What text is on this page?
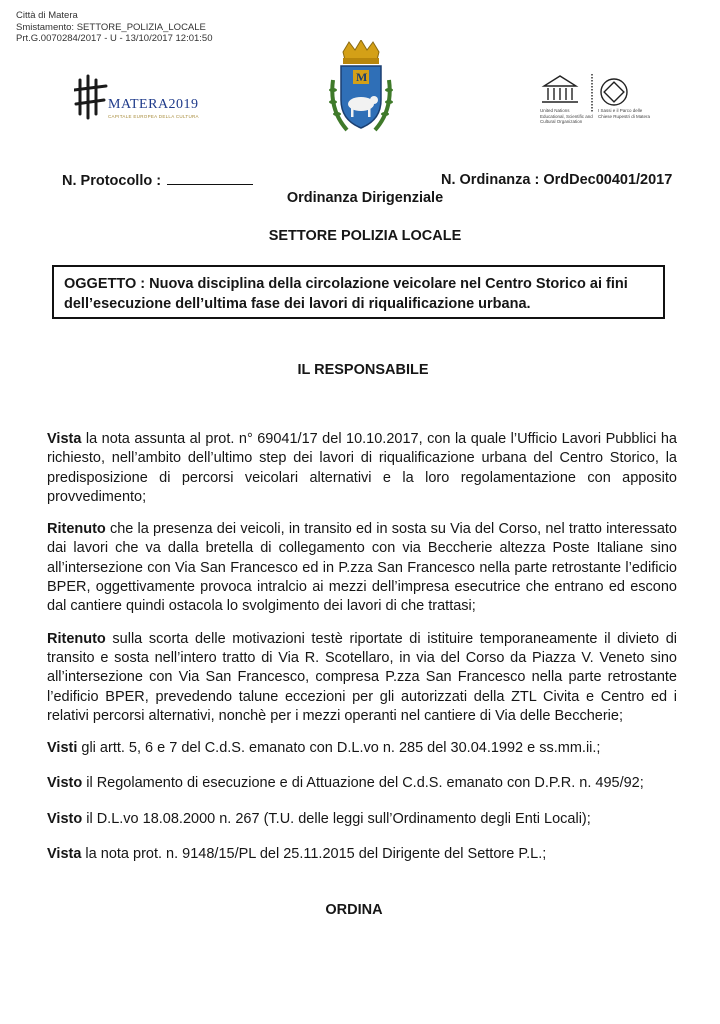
Città di Matera
Smistamento: SETTORE_POLIZIA_LOCALE
Prt.G.0070284/2017 - U - 13/10/2017 12:01:50
MATERA2019
CAPITALE EUROPEA DELLA CULTURA
M
United Nations
Educational, Scientific and
Cultural Organization
I Sassi e il Parco delle
Chiese Rupestri di Matera
N. Protocollo :	N. Ordinanza : OrdDec00401/2017
Ordinanza Dirigenziale
SETTORE POLIZIA LOCALE
OGGETTO : Nuova disciplina della circolazione veicolare nel Centro Storico ai fini dell’esecuzione dell’ultima fase dei lavori di riqualificazione urbana.
IL RESPONSABILE

Vista la nota assunta al prot. n° 69041/17 del 10.10.2017, con la quale l’Ufficio Lavori Pubblici ha richiesto, nell’ambito dell’ultimo step dei lavori di riqualificazione urbana del Centro Storico, la predisposizione di percorsi veicolari alternativi e la loro regolamentazione con apposito provvedimento;

Ritenuto che la presenza dei veicoli, in transito ed in sosta su Via del Corso, nel tratto interessato dai lavori che va dalla bretella di collegamento con via Beccherie altezza Poste Italiane sino all’intersezione con Via San Francesco ed in P.zza San Francesco nella parte retrostante l’edificio BPER, oggettivamente provoca intralcio ai mezzi dell’impresa esecutrice che entrano ed escono dal cantiere quindi ostacola lo svolgimento dei lavori di che trattasi;

Ritenuto sulla scorta delle motivazioni testè riportate di istituire temporaneamente il divieto di transito e sosta nell’intero tratto di Via R. Scotellaro, in via del Corso da Piazza V. Veneto sino all’intersezione con Via San Francesco, compresa P.zza San Francesco nella parte retrostante l’edificio BPER, prevedendo talune eccezioni per gli autorizzati della ZTL Civita e Centro ed i relativi percorsi alternativi, nonchè per i mezzi operanti nel cantiere di Via delle Beccherie;

Visti gli artt. 5, 6 e 7 del C.d.S. emanato con D.L.vo n. 285 del 30.04.1992 e ss.mm.ii.;

Visto il Regolamento di esecuzione e di Attuazione del C.d.S. emanato con D.P.R. n. 495/92;

Visto il D.L.vo 18.08.2000 n. 267 (T.U. delle leggi sull’Ordinamento degli Enti Locali);

Vista la nota prot. n. 9148/15/PL del 25.11.2015 del Dirigente del Settore P.L.;

ORDINA
